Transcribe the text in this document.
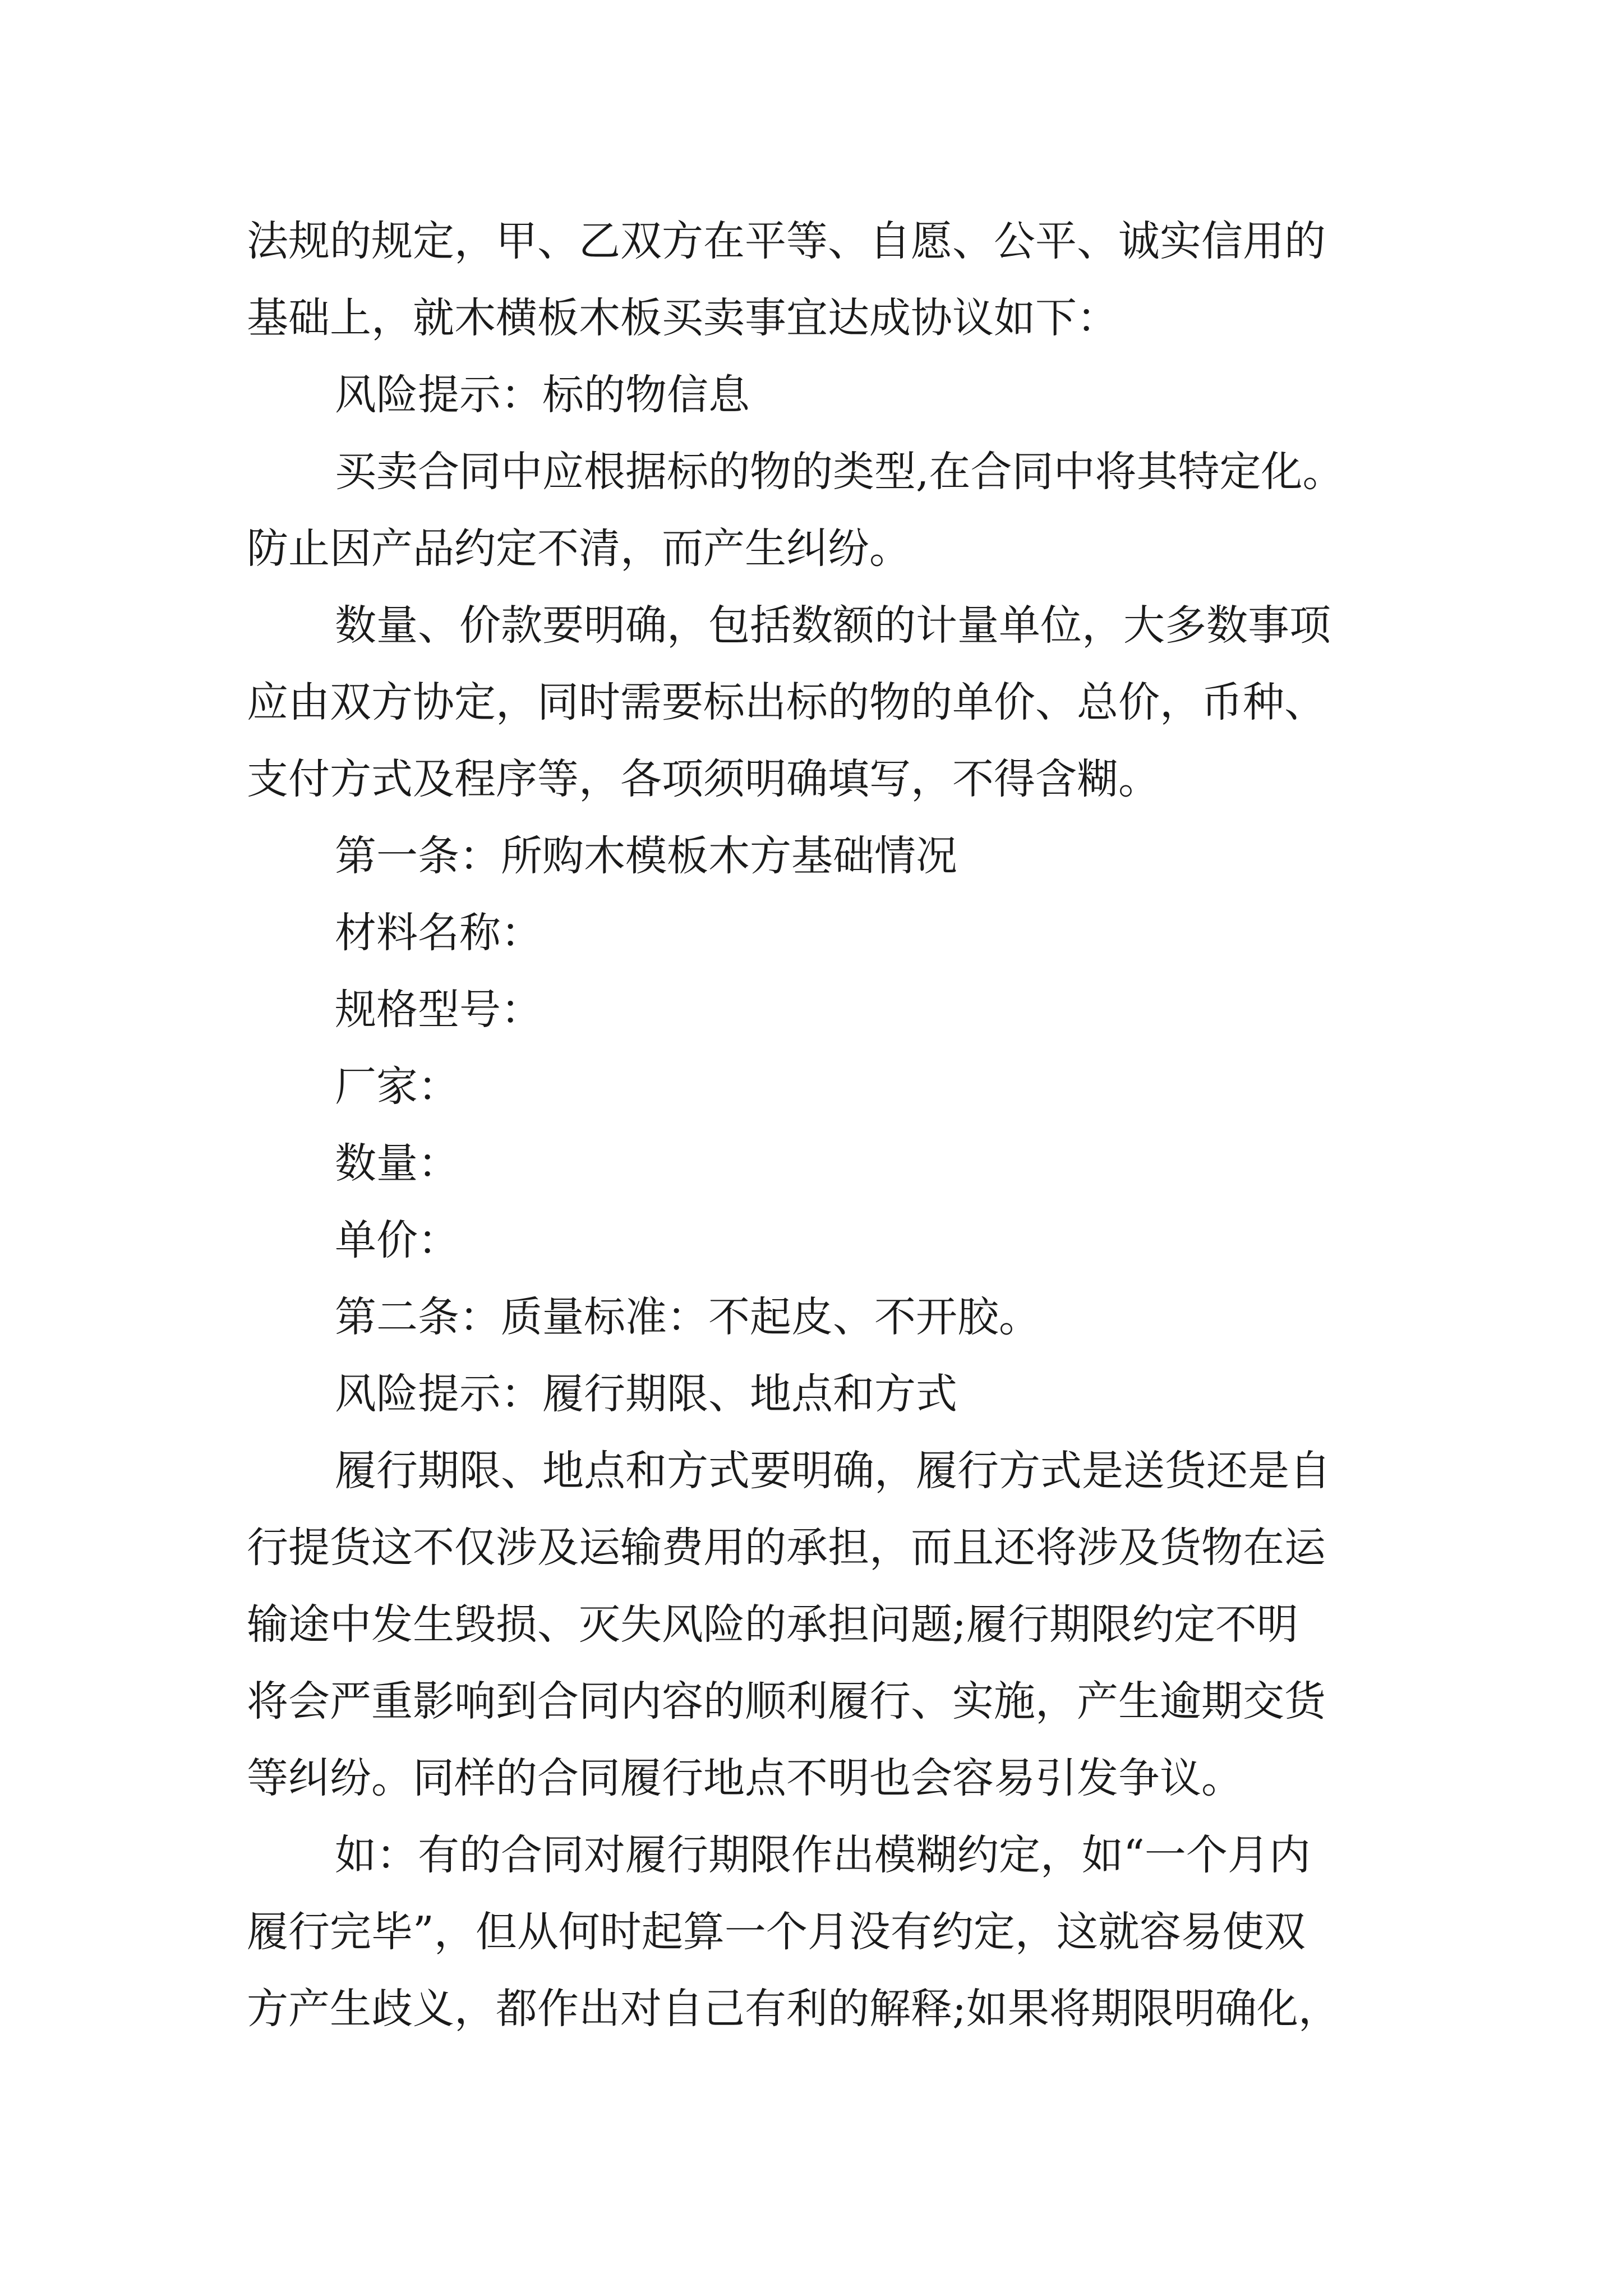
法规的规定，甲、乙双方在平等、自愿、公平、诚实信用的
基础上，就木横板木板买卖事宜达成协议如下：
风险提示：标的物信息
买卖合同中应根据标的物的类型,在合同中将其特定化。
防止因产品约定不清，而产生纠纷。
数量、价款要明确，包括数额的计量单位，大多数事项
应由双方协定，同时需要标出标的物的单价、总价，币种、
支付方式及程序等，各项须明确填写，不得含糊。
第一条：所购木模板木方基础情况
材料名称：
规格型号：
厂家：
数量：
单价：
第二条：质量标准：不起皮、不开胶。
风险提示：履行期限、地点和方式
履行期限、地点和方式要明确，履行方式是送货还是自
行提货这不仅涉及运输费用的承担，而且还将涉及货物在运
输途中发生毁损、灭失风险的承担问题;履行期限约定不明
将会严重影响到合同内容的顺利履行、实施，产生逾期交货
等纠纷。同样的合同履行地点不明也会容易引发争议。
如：有的合同对履行期限作出模糊约定，如“一个月内
履行完毕”，但从何时起算一个月没有约定，这就容易使双
方产生歧义，都作出对自己有利的解释;如果将期限明确化，
